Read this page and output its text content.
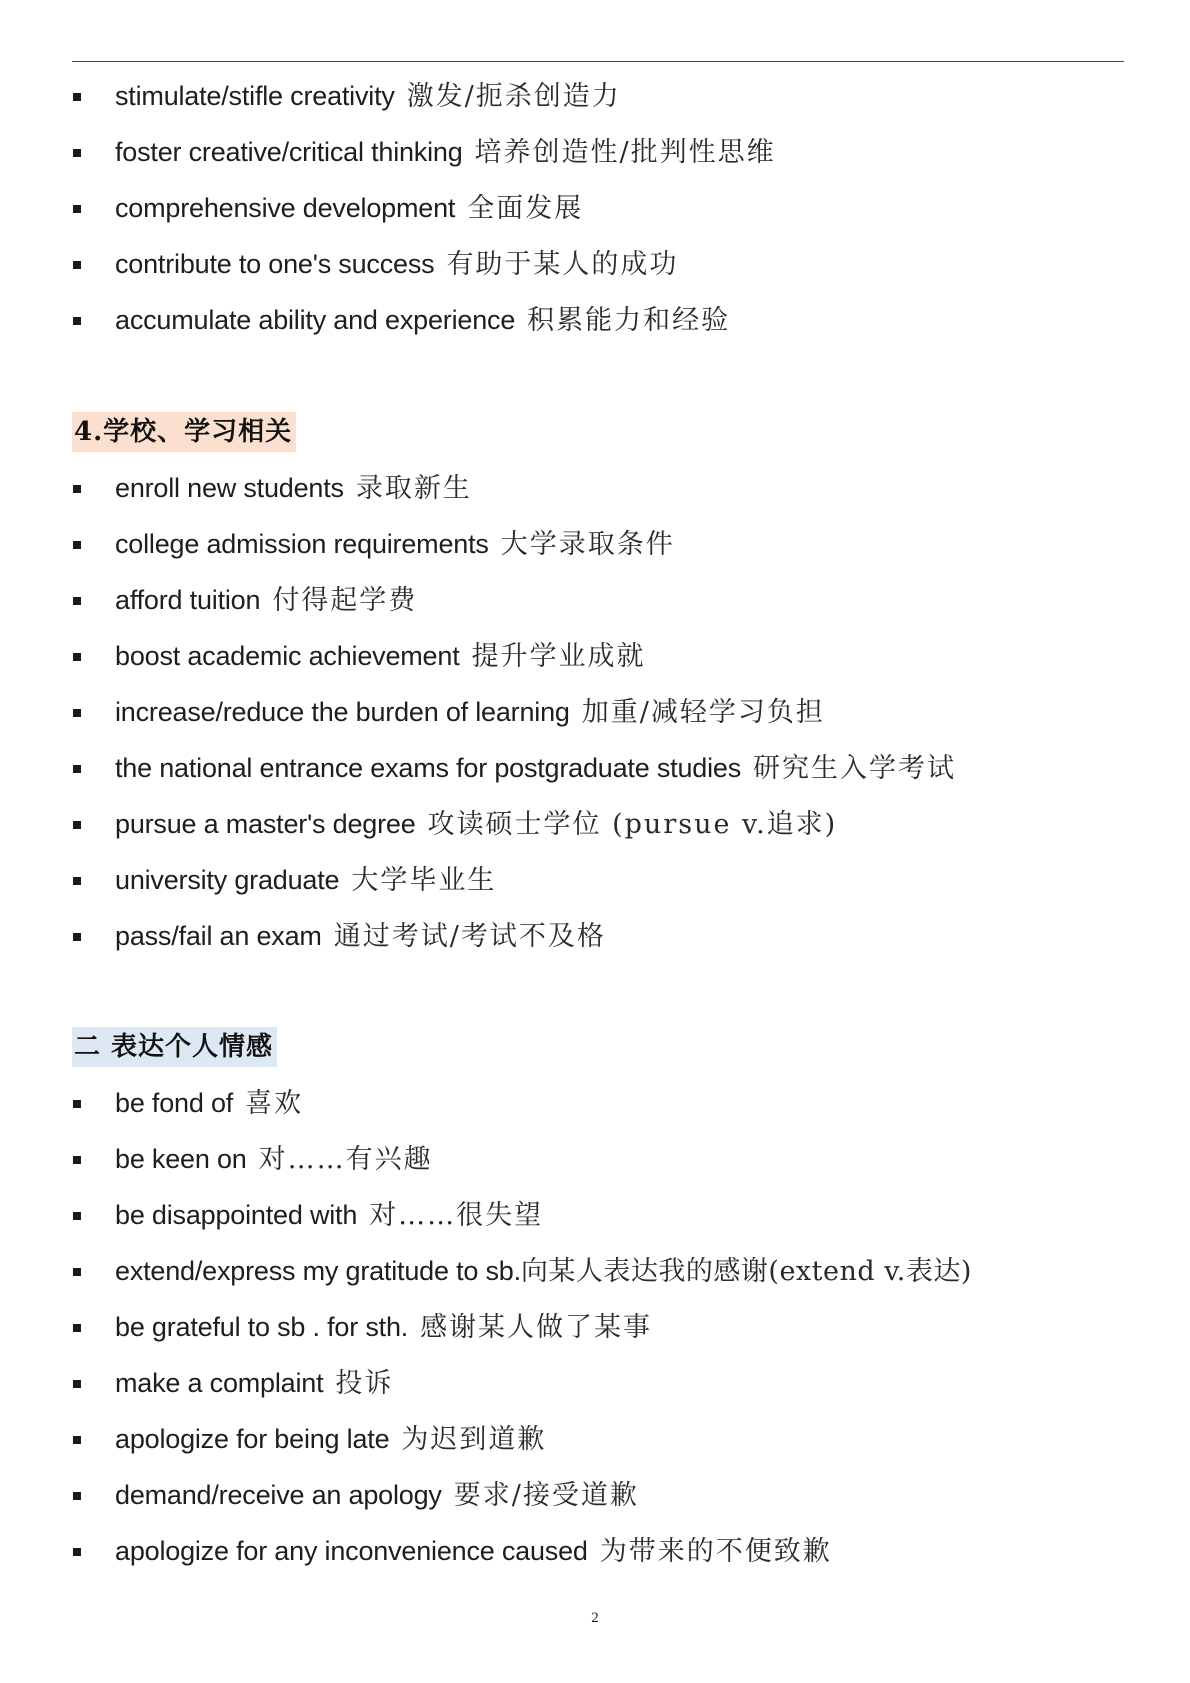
stimulate/stifle creativity 激发/扼杀创造力
foster creative/critical thinking 培养创造性/批判性思维
comprehensive development 全面发展
contribute to one's success 有助于某人的成功
accumulate ability and experience 积累能力和经验
4.学校、学习相关
enroll new students 录取新生
college admission requirements 大学录取条件
afford tuition 付得起学费
boost academic achievement 提升学业成就
increase/reduce the burden of learning 加重/减轻学习负担
the national entrance exams for postgraduate studies 研究生入学考试
pursue a master's degree 攻读硕士学位 (pursue v.追求)
university graduate 大学毕业生
pass/fail an exam 通过考试/考试不及格
二 表达个人情感
be fond of 喜欢
be keen on 对……有兴趣
be disappointed with 对……很失望
extend/express my gratitude to sb.向某人表达我的感谢(extend v.表达)
be grateful to sb . for sth. 感谢某人做了某事
make a complaint 投诉
apologize for being late 为迟到道歉
demand/receive an apology 要求/接受道歉
apologize for any inconvenience caused 为带来的不便致歉
2
